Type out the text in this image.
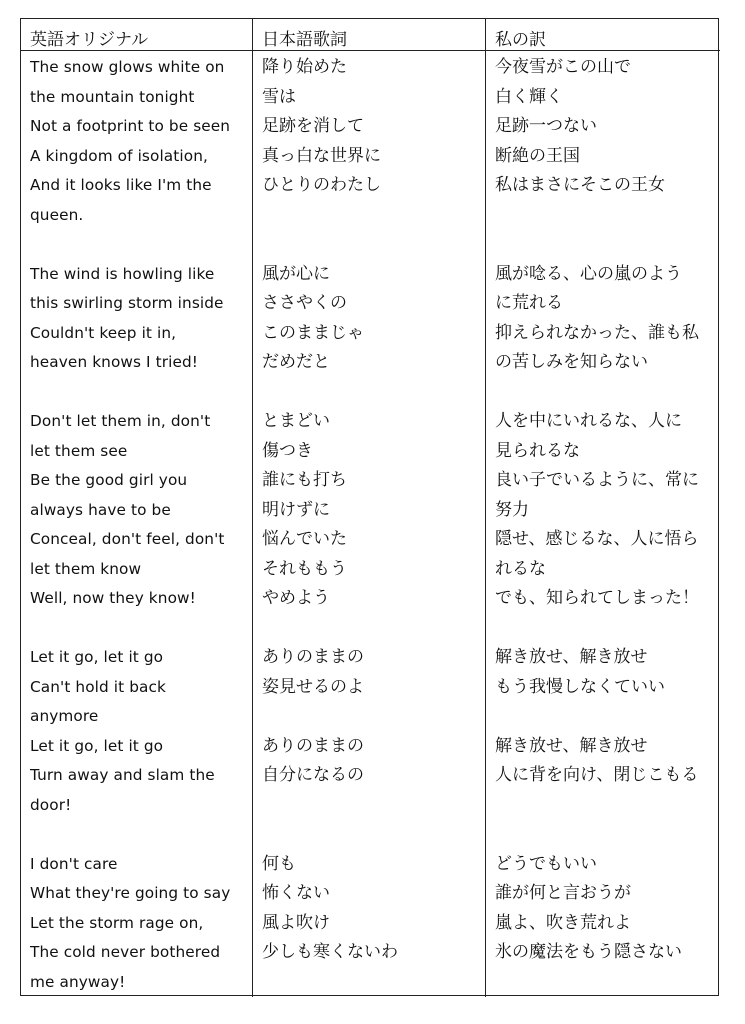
英語オリジナル	日本語歌詞	私の訳
The snow glows white on
the mountain tonight
Not a footprint to be seen
A kingdom of isolation,
And it looks like I'm the
queen.
The wind is howling like
this swirling storm inside
Couldn't keep it in,
heaven knows I tried!
Don't let them in, don't
let them see
Be the good girl you
always have to be
Conceal, don't feel, don't
let them know
Well, now they know!
Let it go, let it go
Can't hold it back
anymore
Let it go, let it go
Turn away and slam the
door!
I don't care
What they're going to say
Let the storm rage on,
The cold never bothered
me anyway!
降り始めた
雪は
足跡を消して
真っ白な世界に
ひとりのわたし
風が心に
ささやくの
このままじゃ
だめだと
とまどい
傷つき
誰にも打ち
明けずに
悩んでいた
それももう
やめよう
ありのままの
姿見せるのよ
ありのままの
自分になるの
何も
怖くない
風よ吹け
少しも寒くないわ
今夜雪がこの山で
白く輝く
足跡一つない
断絶の王国
私はまさにそこの王女
風が唸る、心の嵐のよう
に荒れる
抑えられなかった、誰も私
の苦しみを知らない
人を中にいれるな、人に
見られるな
良い子でいるように、常に
努力
隠せ、感じるな、人に悟ら
れるな
でも、知られてしまった！
解き放せ、解き放せ
もう我慢しなくていい
解き放せ、解き放せ
人に背を向け、閉じこもる
どうでもいい
誰が何と言おうが
嵐よ、吹き荒れよ
氷の魔法をもう隠さない
